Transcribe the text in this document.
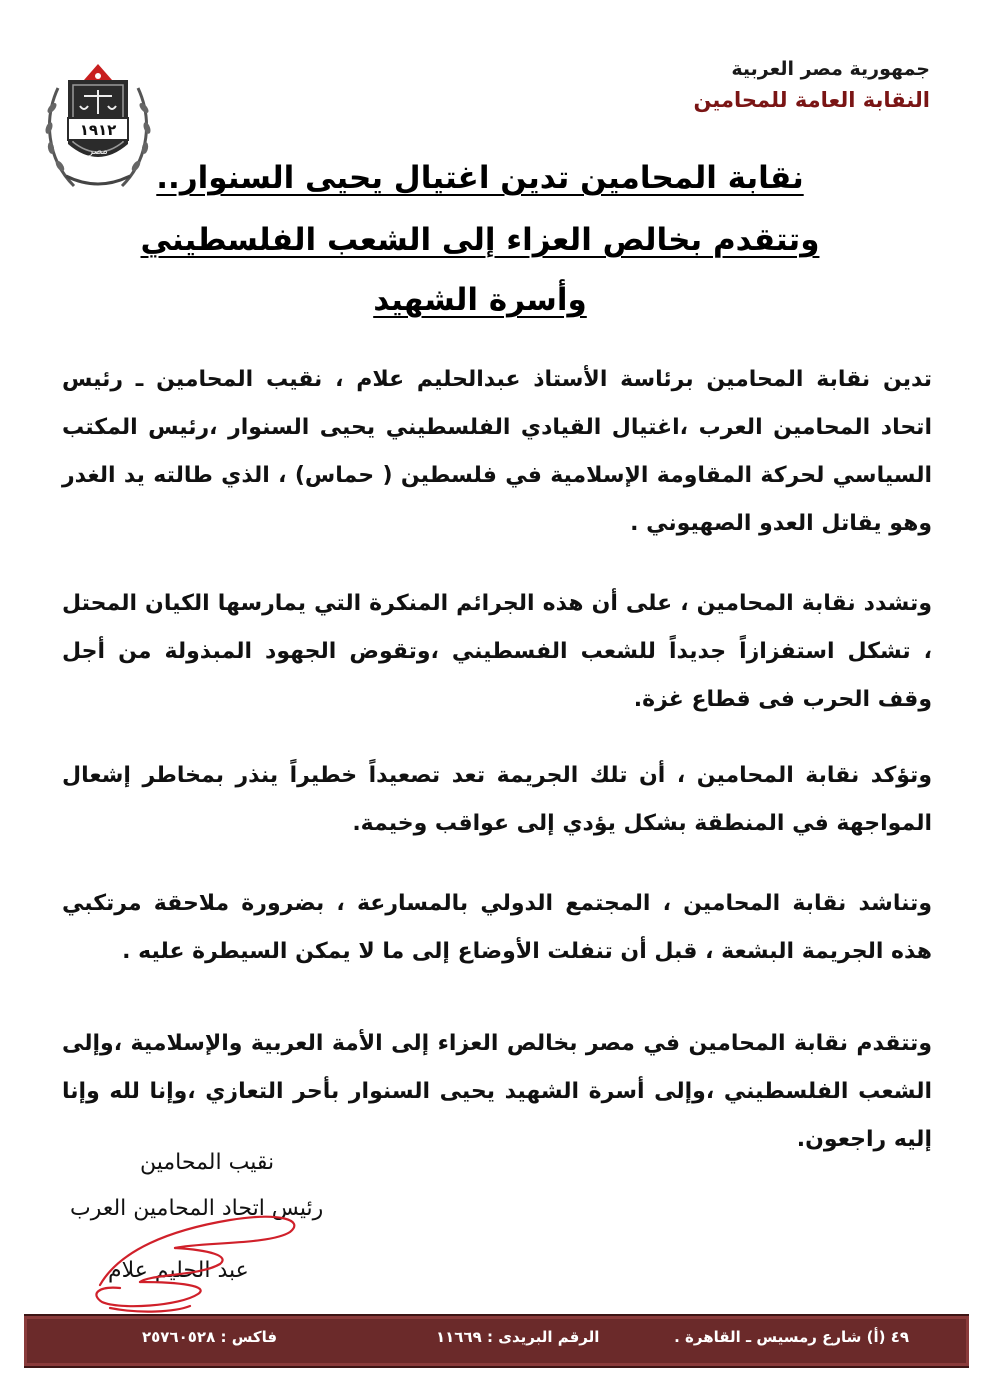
جمهورية مصر العربية
النقابة العامة للمحامين
١٩١٢
مصر
نقابة المحامين تدين اغتيال يحيى السنوار..
وتتقدم بخالص العزاء إلى الشعب الفلسطيني
وأسرة الشهيد

تدين نقابة المحامين برئاسة الأستاذ عبدالحليم علام ، نقيب المحامين ـ رئيس اتحاد المحامين العرب ،اغتيال القيادي الفلسطيني يحيى السنوار ،رئيس المكتب السياسي لحركة المقاومة الإسلامية في فلسطين ( حماس) ، الذي طالته يد الغدر وهو يقاتل العدو الصهيوني .

وتشدد نقابة المحامين ، على أن هذه الجرائم المنكرة التي يمارسها الكيان المحتل ، تشكل استفزازاً جديداً للشعب الفسطيني ،وتقوض الجهود المبذولة من أجل وقف الحرب فى قطاع غزة.

وتؤكد نقابة المحامين ، أن تلك الجريمة تعد تصعيداً خطيراً ينذر بمخاطر إشعال المواجهة في المنطقة بشكل يؤدي إلى عواقب وخيمة.

وتناشد نقابة المحامين ، المجتمع الدولي بالمسارعة ، بضرورة ملاحقة مرتكبي هذه الجريمة البشعة ، قبل أن تنفلت الأوضاع إلى ما لا يمكن السيطرة عليه .

وتتقدم نقابة المحامين في مصر بخالص العزاء إلى الأمة العربية والإسلامية ،وإلى الشعب الفلسطيني ،وإلى أسرة الشهيد يحيى السنوار بأحر التعازي ،وإنا لله وإنا إليه راجعون.

نقيب المحامين
رئيس اتحاد المحامين العرب
عبد الحليم علام
٤٩ (أ) شارع رمسيس ـ القاهرة .
الرقم البريدى : ١١٦٦٩
فاكس : ٢٥٧٦٠٥٢٨
